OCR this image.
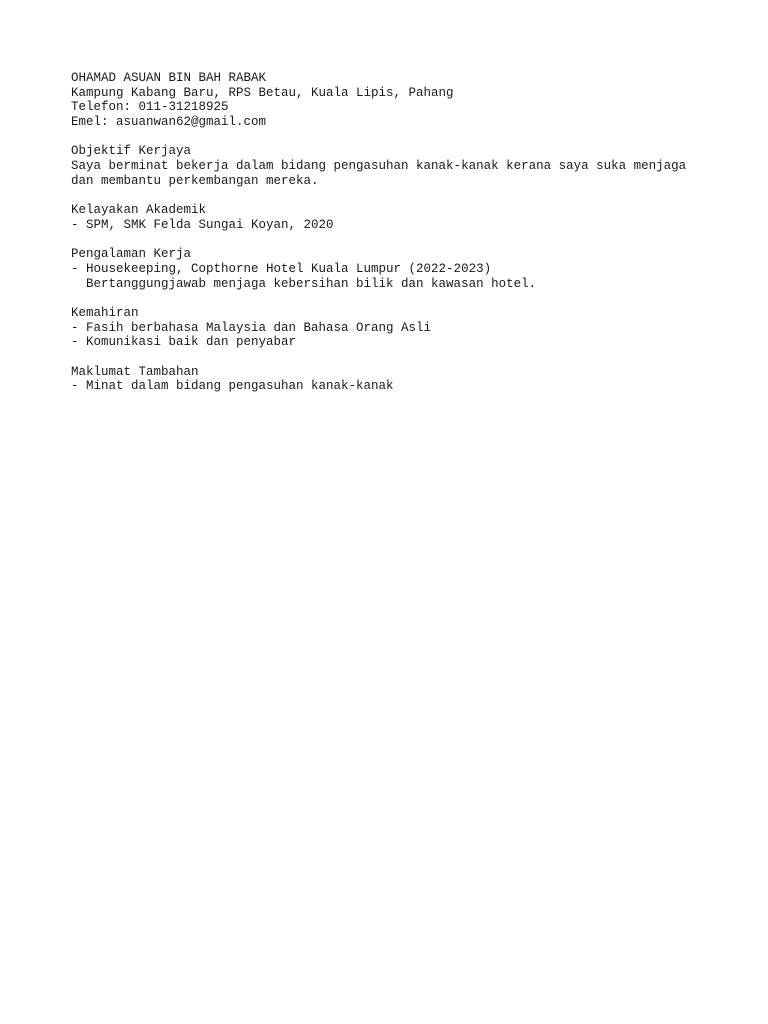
OHAMAD ASUAN BIN BAH RABAK
Kampung Kabang Baru, RPS Betau, Kuala Lipis, Pahang
Telefon: 011-31218925
Emel: asuanwan62@gmail.com
Objektif Kerjaya
Saya berminat bekerja dalam bidang pengasuhan kanak-kanak kerana saya suka menjaga
dan membantu perkembangan mereka.
Kelayakan Akademik
- SPM, SMK Felda Sungai Koyan, 2020
Pengalaman Kerja
- Housekeeping, Copthorne Hotel Kuala Lumpur (2022-2023)
Bertanggungjawab menjaga kebersihan bilik dan kawasan hotel.
Kemahiran
- Fasih berbahasa Malaysia dan Bahasa Orang Asli
- Komunikasi baik dan penyabar
Maklumat Tambahan
- Minat dalam bidang pengasuhan kanak-kanak
